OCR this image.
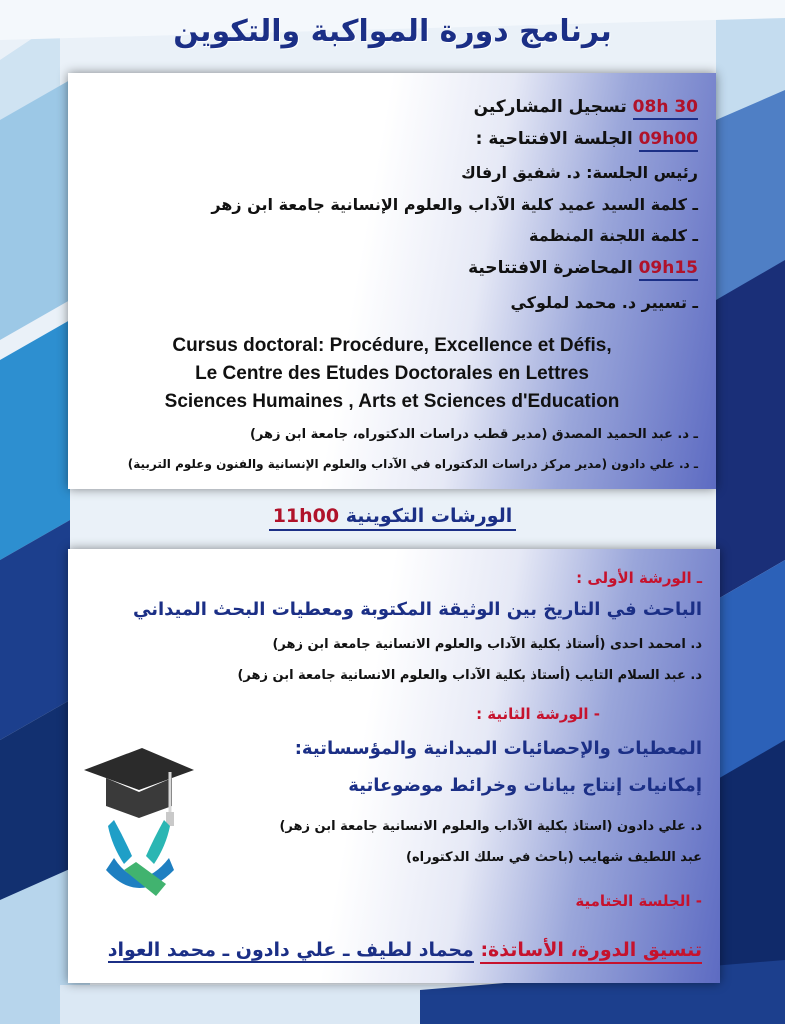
برنامج دورة المواكبة والتكوين
08h 30 تسجيل المشاركين
09h00 الجلسة الافتتاحية :
رئيس الجلسة: د. شفيق ارفاك
ـ كلمة السيد عميد كلية الآداب والعلوم الإنسانية جامعة ابن زهر
ـ كلمة اللجنة المنظمة
09h15 المحاضرة الافتتاحية
ـ تسيير د. محمد لملوكي
Cursus doctoral: Procédure, Excellence et Défis,
Le Centre des Etudes Doctorales en Lettres
Sciences Humaines , Arts et Sciences d'Education
ـ د. عبد الحميد المصدق (مدير قطب دراسات الدكتوراه، جامعة ابن زهر)
ـ د. علي دادون (مدير مركز دراسات الدكتوراه في الآداب والعلوم الإنسانية والفنون وعلوم التربية)
الورشات التكوينية 11h00
ـ الورشة الأولى :
الباحث في التاريخ بين الوثيقة المكتوبة ومعطيات البحث الميداني
د. امحمد احدى (أستاذ بكلية الآداب والعلوم الانسانية جامعة ابن زهر)
د. عبد السلام التايب (أستاذ بكلية الآداب والعلوم الانسانية جامعة ابن زهر)
- الورشة الثانية :
المعطيات والإحصائيات الميدانية والمؤسساتية:
إمكانيات إنتاج بيانات وخرائط موضوعاتية
د. علي دادون (استاذ بكلية الآداب والعلوم الانسانية جامعة ابن زهر)
عبد اللطيف شهايب (باحث في سلك الدكتوراه)
- الجلسة الختامية
تنسيق الدورة، الأساتذة: محماد لطيف ـ علي دادون ـ محمد العواد
